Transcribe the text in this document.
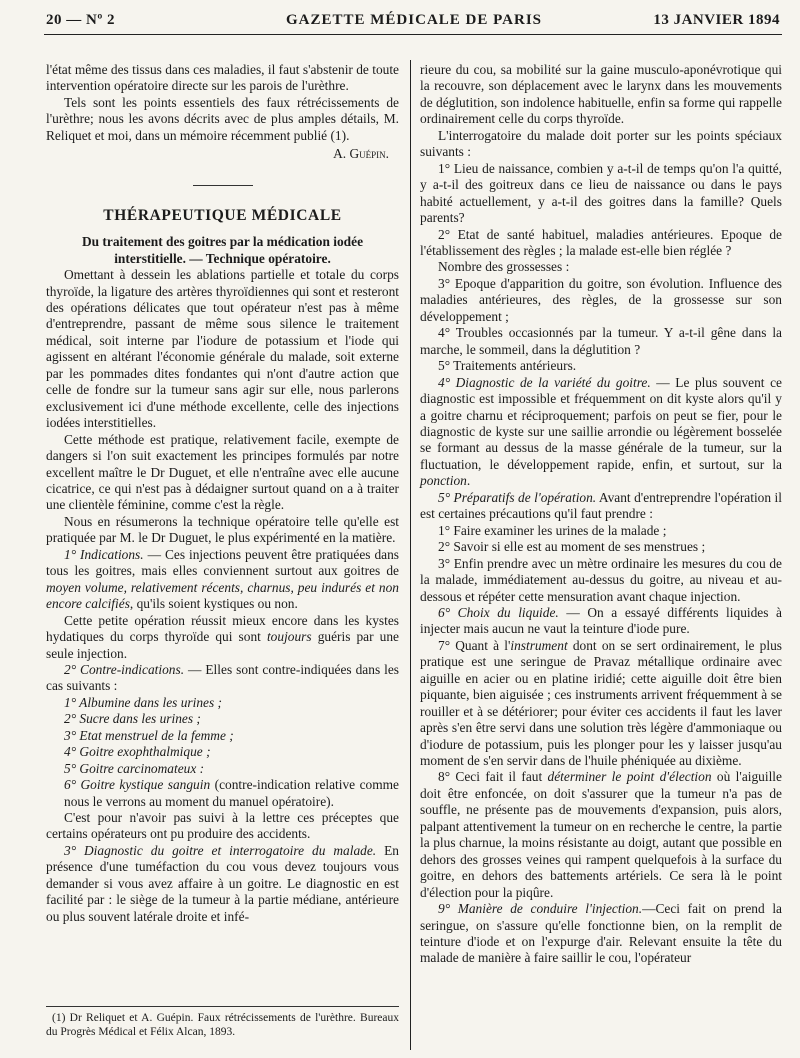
20 — Nº 2	GAZETTE MÉDICALE DE PARIS	13 JANVIER 1894

l'état même des tissus dans ces maladies, il faut s'abstenir de toute intervention opératoire directe sur les parois de l'urèthre.

Tels sont les points essentiels des faux rétrécissements de l'urèthre; nous les avons décrits avec de plus amples détails, M. Reliquet et moi, dans un mémoire récemment publié (1).

A. Guépin.
THÉRAPEUTIQUE MÉDICALE

Du traitement des goitres par la médication iodée interstitielle. — Technique opératoire.

Omettant à dessein les ablations partielle et totale du corps thyroïde, la ligature des artères thyroïdiennes qui sont et resteront des opérations délicates que tout opérateur n'est pas à même d'entreprendre, passant de même sous silence le traitement médical, soit interne par l'iodure de potassium et l'iode qui agissent en altérant l'économie générale du malade, soit externe par les pommades dites fondantes qui n'ont d'autre action que celle de fondre sur la tumeur sans agir sur elle, nous parlerons exclusivement ici d'une méthode excellente, celle des injections iodées interstitielles.

Cette méthode est pratique, relativement facile, exempte de dangers si l'on suit exactement les principes formulés par notre excellent maître le Dr Duguet, et elle n'entraîne avec elle aucune cicatrice, ce qui n'est pas à dédaigner surtout quand on a à traiter une clientèle féminine, comme c'est la règle.

Nous en résumerons la technique opératoire telle qu'elle est pratiquée par M. le Dr Duguet, le plus expérimenté en la matière.

1° Indications. — Ces injections peuvent être pratiquées dans tous les goitres, mais elles conviennent surtout aux goitres de moyen volume, relativement récents, charnus, peu indurés et non encore calcifiés, qu'ils soient kystiques ou non.

Cette petite opération réussit mieux encore dans les kystes hydatiques du corps thyroïde qui sont toujours guéris par une seule injection.

2° Contre-indications. — Elles sont contre-indiquées dans les cas suivants :

1° Albumine dans les urines ;

2° Sucre dans les urines ;

3° Etat menstruel de la femme ;

4° Goitre exophthalmique ;

5° Goitre carcinomateux :

6° Goitre kystique sanguin (contre-indication relative comme nous le verrons au moment du manuel opératoire).

C'est pour n'avoir pas suivi à la lettre ces préceptes que certains opérateurs ont pu produire des accidents.

3° Diagnostic du goitre et interrogatoire du malade. En présence d'une tuméfaction du cou vous devez toujours vous demander si vous avez affaire à un goitre. Le diagnostic en est facilité par : le siège de la tumeur à la partie médiane, antérieure ou plus souvent latérale droite et infé-

(1) Dr Reliquet et A. Guépin. Faux rétrécissements de l'urèthre. Bureaux du Progrès Médical et Félix Alcan, 1893.

rieure du cou, sa mobilité sur la gaine musculo-aponévrotique qui la recouvre, son déplacement avec le larynx dans les mouvements de déglutition, son indolence habituelle, enfin sa forme qui rappelle ordinairement celle du corps thyroïde.

L'interrogatoire du malade doit porter sur les points spéciaux suivants :

1° Lieu de naissance, combien y a-t-il de temps qu'on l'a quitté, y a-t-il des goitreux dans ce lieu de naissance ou dans le pays habité actuellement, y a-t-il des goitres dans la famille? Quels parents?

2° Etat de santé habituel, maladies antérieures. Epoque de l'établissement des règles ; la malade est-elle bien réglée ?

Nombre des grossesses :

3° Epoque d'apparition du goitre, son évolution. Influence des maladies antérieures, des règles, de la grossesse sur son développement ;

4° Troubles occasionnés par la tumeur. Y a-t-il gêne dans la marche, le sommeil, dans la déglutition ?

5° Traitements antérieurs.

4° Diagnostic de la variété du goitre. — Le plus souvent ce diagnostic est impossible et fréquemment on dit kyste alors qu'il y a goitre charnu et réciproquement; parfois on peut se fier, pour le diagnostic de kyste sur une saillie arrondie ou légèrement bosselée se formant au dessus de la masse générale de la tumeur, sur la fluctuation, le développement rapide, enfin, et surtout, sur la ponction.

5° Préparatifs de l'opération. Avant d'entreprendre l'opération il est certaines précautions qu'il faut prendre :

1° Faire examiner les urines de la malade ;

2° Savoir si elle est au moment de ses menstrues ;

3° Enfin prendre avec un mètre ordinaire les mesures du cou de la malade, immédiatement au-dessus du goitre, au niveau et au-dessous et répéter cette mensuration avant chaque injection.

6° Choix du liquide. — On a essayé différents liquides à injecter mais aucun ne vaut la teinture d'iode pure.

7° Quant à l'instrument dont on se sert ordinairement, le plus pratique est une seringue de Pravaz métallique ordinaire avec aiguille en acier ou en platine iridié; cette aiguille doit être bien piquante, bien aiguisée ; ces instruments arrivent fréquemment à se rouiller et à se détériorer; pour éviter ces accidents il faut les laver après s'en être servi dans une solution très légère d'ammoniaque ou d'iodure de potassium, puis les plonger pour les y laisser jusqu'au moment de s'en servir dans de l'huile phéniquée au dixième.

8° Ceci fait il faut déterminer le point d'élection où l'aiguille doit être enfoncée, on doit s'assurer que la tumeur n'a pas de souffle, ne présente pas de mouvements d'expansion, puis alors, palpant attentivement la tumeur on en recherche le centre, la partie la plus charnue, la moins résistante au doigt, autant que possible en dehors des grosses veines qui rampent quelquefois à la surface du goitre, en dehors des battements artériels. Ce sera là le point d'élection pour la piqûre.

9° Manière de conduire l'injection.—Ceci fait on prend la seringue, on s'assure qu'elle fonctionne bien, on la remplit de teinture d'iode et on l'expurge d'air. Relevant ensuite la tête du malade de manière à faire saillir le cou, l'opérateur
